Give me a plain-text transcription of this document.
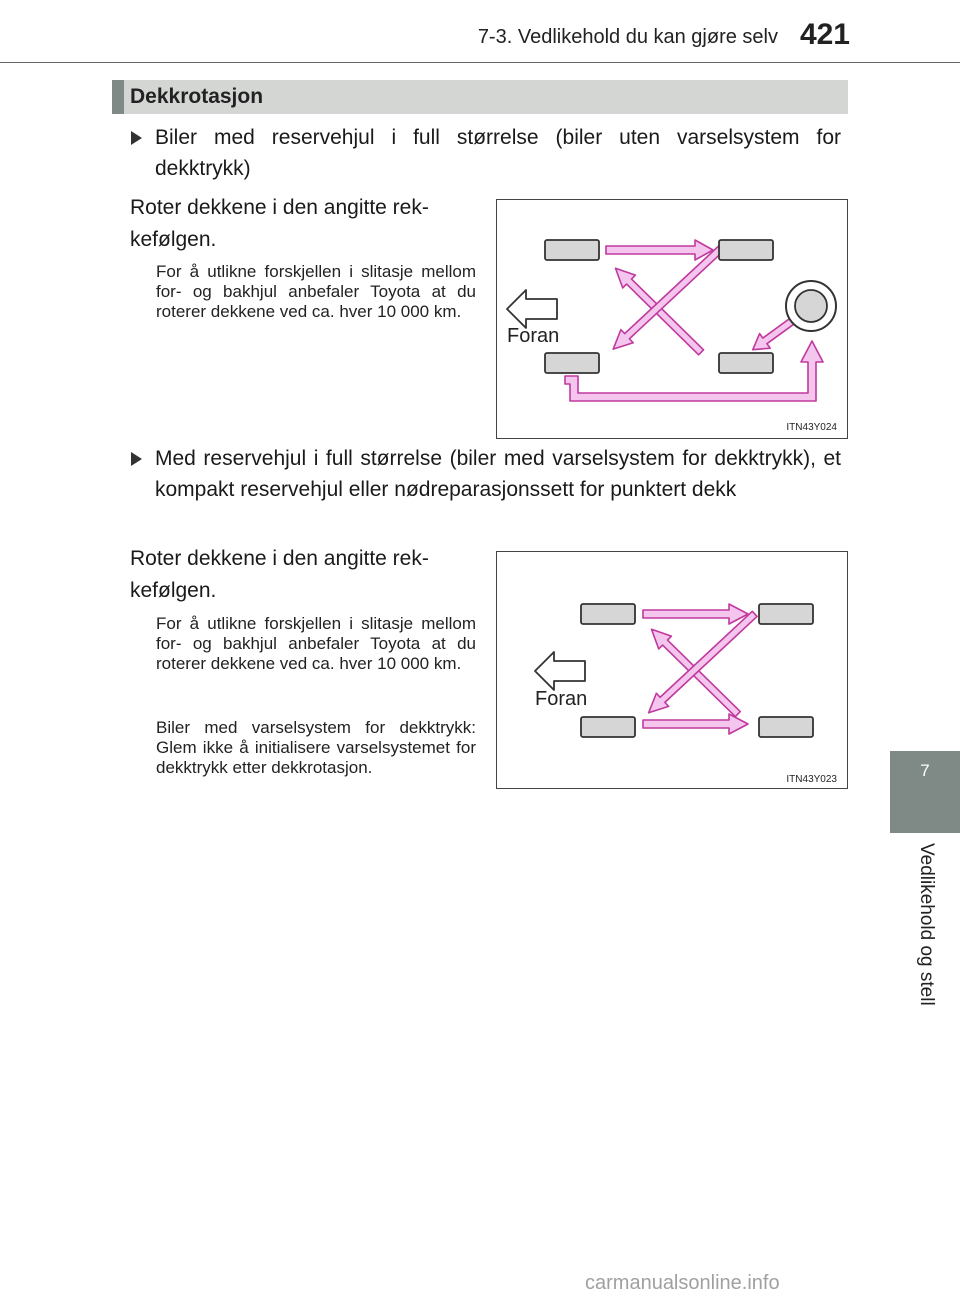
7-3. Vedlikehold du kan gjøre selv 421
7
Vedlikehold og stell
Dekkrotasjon
Biler med reservehjul i full størrelse (biler uten varselsystem for dekktrykk)
Roter dekkene i den angitte rek-
kefølgen.
For å utlikne forskjellen i slitasje mellom for- og bakhjul anbefaler Toyota at du roterer dekkene ved ca. hver 10 000 km.
Foran
ITN43Y024
Med reservehjul i full størrelse (biler med varselsystem for dekktrykk), et kompakt reservehjul eller nødreparasjonssett for punktert dekk
Roter dekkene i den angitte rek-
kefølgen.
For å utlikne forskjellen i slitasje mellom for- og bakhjul anbefaler Toyota at du roterer dekkene ved ca. hver 10 000 km.
Biler med varselsystem for dekktrykk: Glem ikke å initialisere varselsystemet for dekktrykk etter dekkrotasjon.
Foran
ITN43Y023
carmanualsonline.info
